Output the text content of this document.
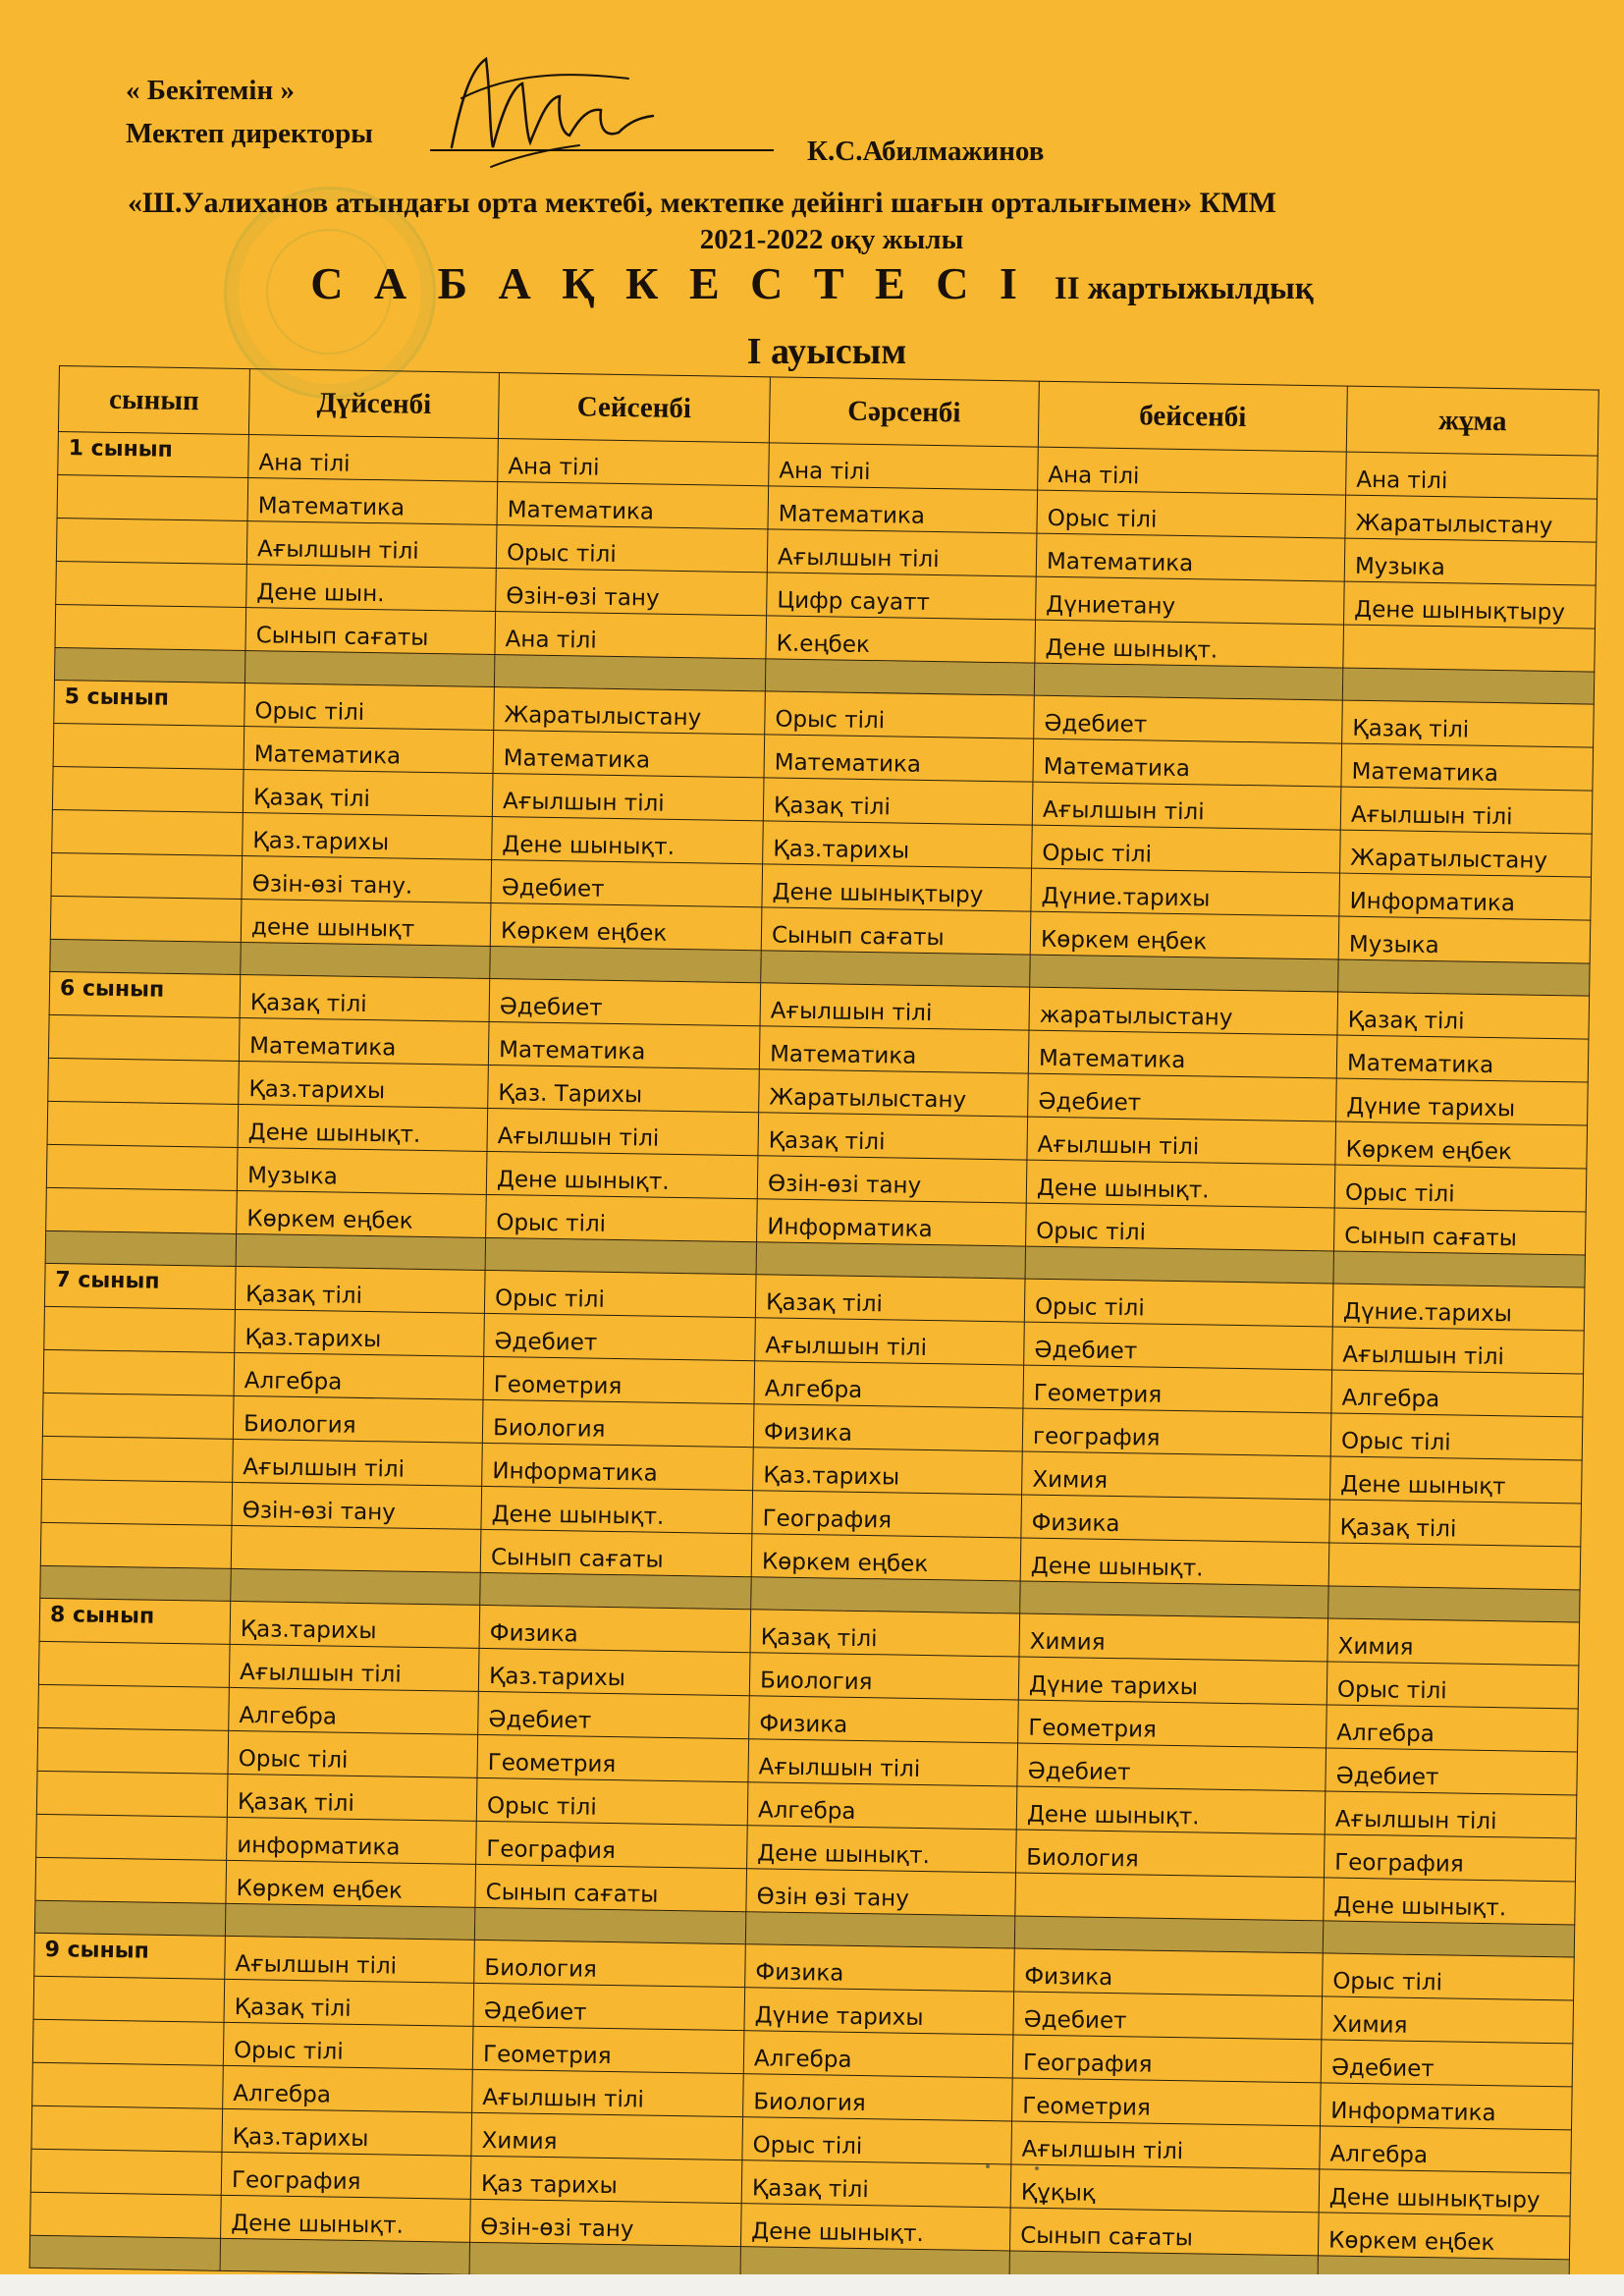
« Бекітемін »
Мектеп директоры
К.С.Абилмажинов
«Ш.Уалиханов атындағы орта мектебі, мектепке дейінгі шағын орталығымен» КММ
2021-2022 оқу жылы
С А Б А Қ К Е С Т Е С І ІІ жартыжылдық
І ауысым
сынып	Дүйсенбі	Сейсенбі	Сәрсенбі	бейсенбі	жұма
1 сынып	Ана тілі	Ана тілі	Ана тілі	Ана тілі	Ана тілі
	Математика	Математика	Математика	Орыс тілі	Жаратылыстану
	Ағылшын тілі	Орыс тілі	Ағылшын тілі	Математика	Музыка
	Дене шын.	Өзін-өзі тану	Цифр сауатт	Дүниетану	Дене шынықтыру
	Сынып сағаты	Ана тілі	К.еңбек	Дене шынықт.	

5 сынып	Орыс тілі	Жаратылыстану	Орыс тілі	Әдебиет	Қазақ тілі
	Математика	Математика	Математика	Математика	Математика
	Қазақ тілі	Ағылшын тілі	Қазақ тілі	Ағылшын тілі	Ағылшын тілі
	Қаз.тарихы	Дене шынықт.	Қаз.тарихы	Орыс тілі	Жаратылыстану
	Өзін-өзі тану.	Әдебиет	Дене шынықтыру	Дүние.тарихы	Информатика
	дене шынықт	Көркем еңбек	Сынып сағаты	Көркем еңбек	Музыка

6 сынып	Қазақ тілі	Әдебиет	Ағылшын тілі	жаратылыстану	Қазақ тілі
	Математика	Математика	Математика	Математика	Математика
	Қаз.тарихы	Қаз. Тарихы	Жаратылыстану	Әдебиет	Дүние тарихы
	Дене шынықт.	Ағылшын тілі	Қазақ тілі	Ағылшын тілі	Көркем еңбек
	Музыка	Дене шынықт.	Өзін-өзі тану	Дене шынықт.	Орыс тілі
	Көркем еңбек	Орыс тілі	Информатика	Орыс тілі	Сынып сағаты

7 сынып	Қазақ тілі	Орыс тілі	Қазақ тілі	Орыс тілі	Дүние.тарихы
	Қаз.тарихы	Әдебиет	Ағылшын тілі	Әдебиет	Ағылшын тілі
	Алгебра	Геометрия	Алгебра	Геометрия	Алгебра
	Биология	Биология	Физика	география	Орыс тілі
	Ағылшын тілі	Информатика	Қаз.тарихы	Химия	Дене шынықт
	Өзін-өзі тану	Дене шынықт.	География	Физика	Қазақ тілі
		Сынып сағаты	Көркем еңбек	Дене шынықт.	

8 сынып	Қаз.тарихы	Физика	Қазақ тілі	Химия	Химия
	Ағылшын тілі	Қаз.тарихы	Биология	Дүние тарихы	Орыс тілі
	Алгебра	Әдебиет	Физика	Геометрия	Алгебра
	Орыс тілі	Геометрия	Ағылшын тілі	Әдебиет	Әдебиет
	Қазақ тілі	Орыс тілі	Алгебра	Дене шынықт.	Ағылшын тілі
	информатика	География	Дене шынықт.	Биология	География
	Көркем еңбек	Сынып сағаты	Өзін өзі тану		Дене шынықт.

9 сынып	Ағылшын тілі	Биология	Физика	Физика	Орыс тілі
	Қазақ тілі	Әдебиет	Дүние тарихы	Әдебиет	Химия
	Орыс тілі	Геометрия	Алгебра	География	Әдебиет
	Алгебра	Ағылшын тілі	Биология	Геометрия	Информатика
	Қаз.тарихы	Химия	Орыс тілі	Ағылшын тілі	Алгебра
	География	Қаз тарихы	Қазақ тілі	Құқық	Дене шынықтыру
	Дене шынықт.	Өзін-өзі тану	Дене шынықт.	Сынып сағаты	Көркем еңбек
